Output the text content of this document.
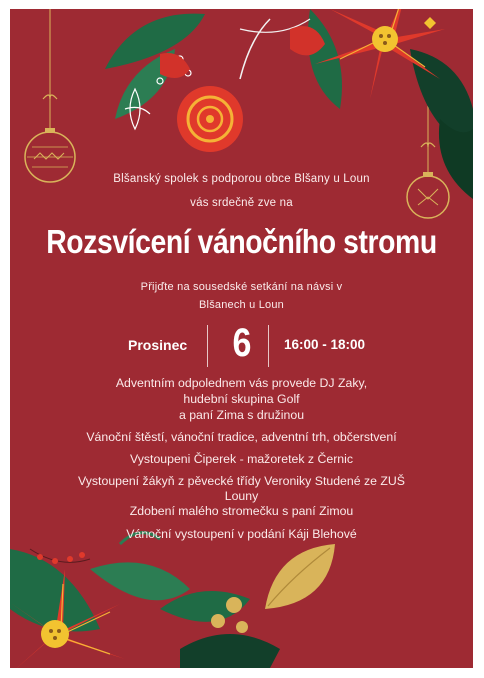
Blšanský spolek s podporou obce Blšany u Loun
vás srdečně zve na
Rozsvícení vánočního stromu
Přijďte na sousedské setkání na návsi v
Blšanech u Loun
Prosinec 6	16:00 - 18:00
Adventním odpolednem vás provede DJ Zaky,
hudební skupina Golf
a paní Zima s družinou
Vánoční štěstí, vánoční tradice, adventní trh, občerstvení
Vystoupeni Čiperek - mažoretek z Černic
Vystoupení žákyň z pěvecké třídy Veroniky Studené ze ZUŠ
Louny
Zdobení malého stromečku s paní Zimou
Vánoční vystoupení v podání Káji Blehové
